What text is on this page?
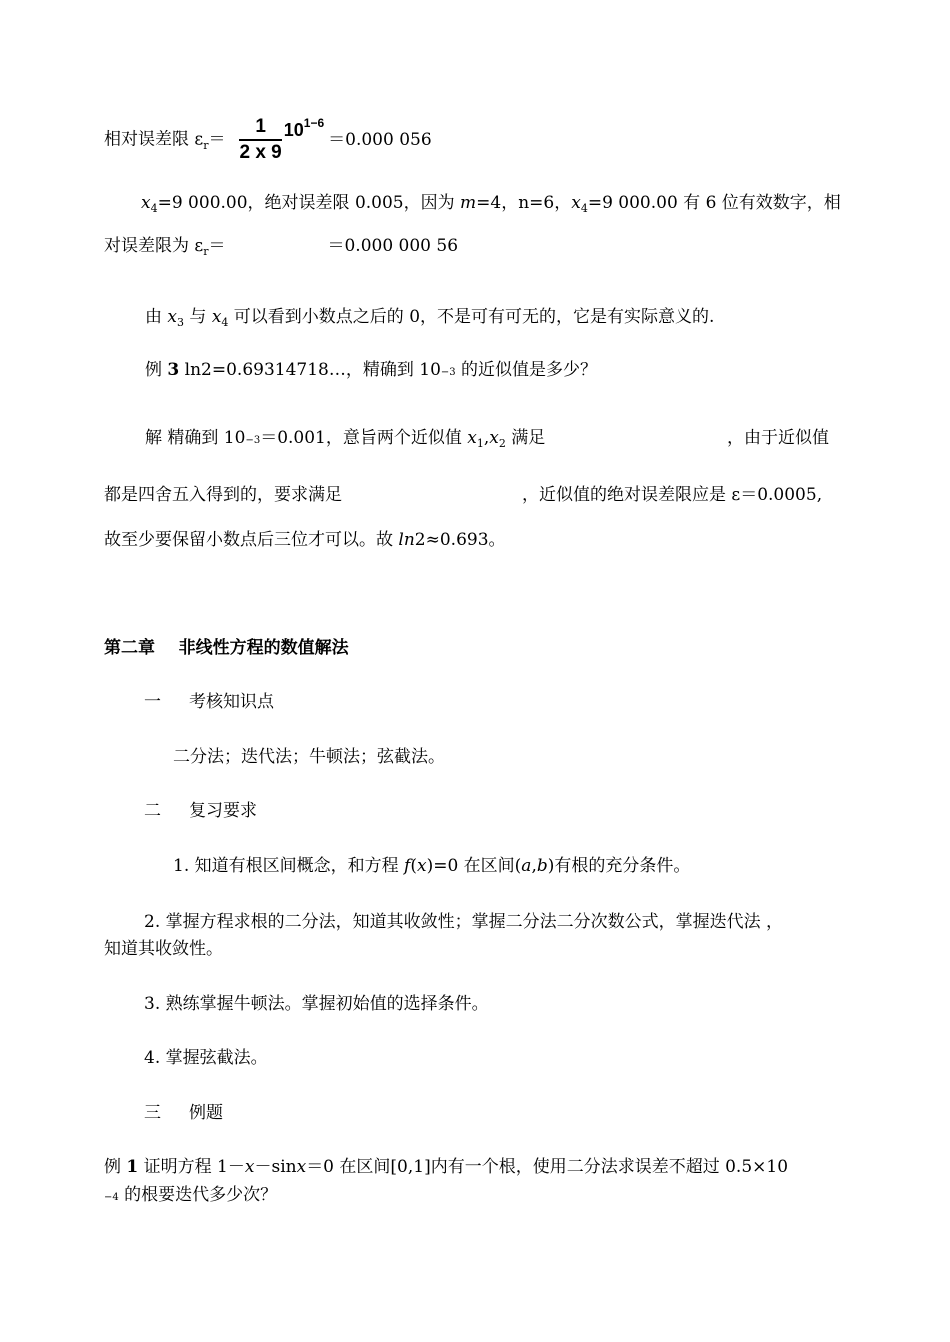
相对误差限 $\varepsilon_r= \frac{1}{2 x 9} 10^{1-6}=0.000$ 056
$x_4=9$ 000.00，绝对误差限 0.005，因为 m=4，n=6，$x_4=9$ 000.00 有 6 位有效数字，相
对误差限为 $\varepsilon_r=$	＝0.000 000 56
由 $x_3$ 与 $x_4$ 可以看到小数点之后的 0，不是可有可无的，它是有实际意义的.
例 3 ln2=0.69314718…，精确到 10−3 的近似值是多少？
解 精确到 10−3＝0.001，意旨两个近似值 $x_1,x_2$ 满足	，由于近似值
都是四舍五入得到的，要求满足	，近似值的绝对误差限应是 ε＝0.0005,
故至少要保留小数点后三位才可以。故 ln2≈0.693。
第二章    非线性方程的数值解法
一 考核知识点
二分法；迭代法；牛顿法；弦截法。
二 复习要求
1. 知道有根区间概念，和方程 f(x)=0 在区间(a,b)有根的充分条件。
2. 掌握方程求根的二分法，知道其收敛性；掌握二分法二分次数公式，掌握迭代法 ，
知道其收敛性。
3. 熟练掌握牛顿法。掌握初始值的选择条件。
4. 掌握弦截法。
三 例题
例 1 证明方程 1－x－sinx＝0 在区间[0,1]内有一个根，使用二分法求误差不超过 0.5×10
−4 的根要迭代多少次？
